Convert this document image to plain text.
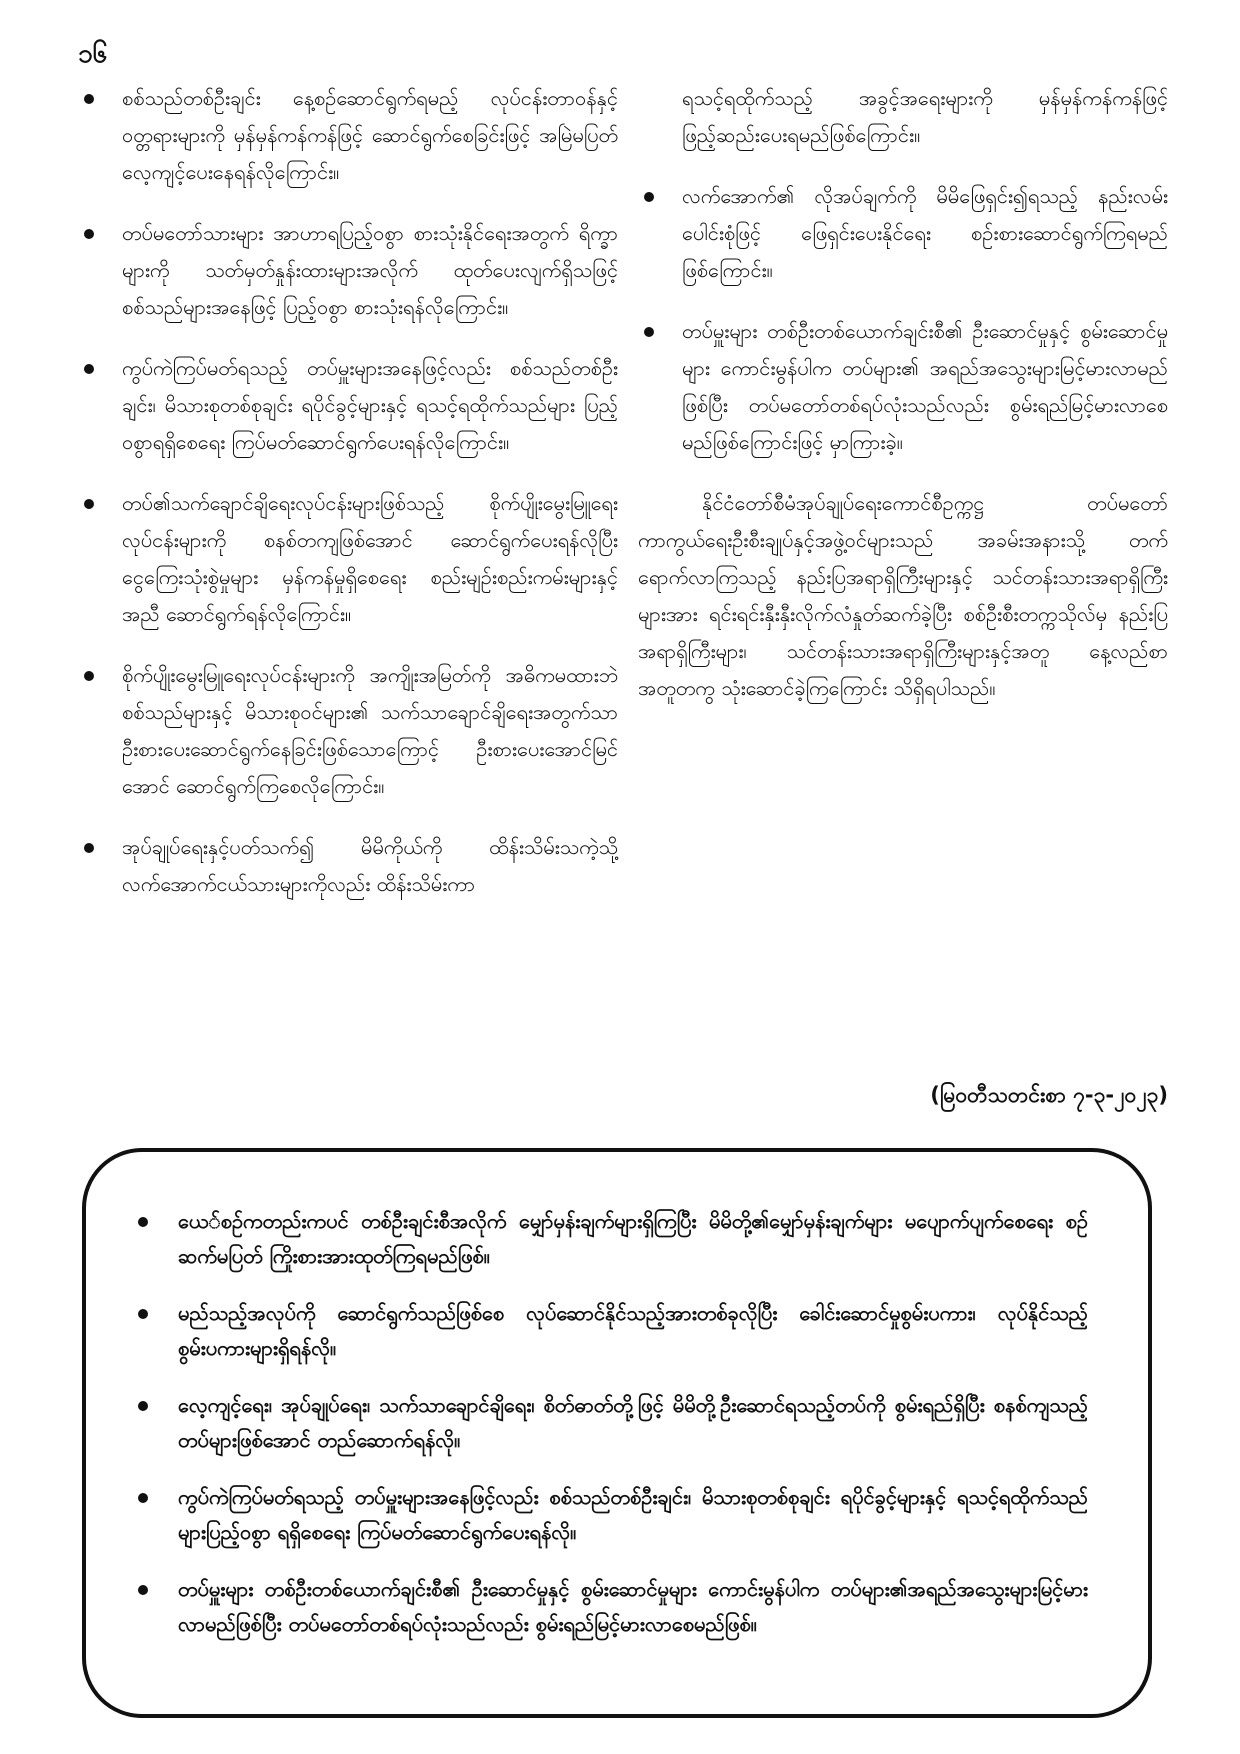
၁၆
စစ်သည်တစ်ဦးချင်း နေ့စဉ်ဆောင်ရွက်ရမည့် လုပ်ငန်းတာဝန်နှင့် ဝတ္တရားများကို မှန်မှန်ကန်ကန်ဖြင့် ဆောင်ရွက်စေခြင်းဖြင့် အမြဲမပြတ်လေ့ကျင့်ပေးနေရန်လိုကြောင်း။
တပ်မတော်သားများ အာဟာရပြည့်ဝစွာ စားသုံးနိုင်ရေးအတွက် ရိက္ခာများကို သတ်မှတ်နှုန်းထားများအလိုက် ထုတ်ပေးလျက်ရှိသဖြင့် စစ်သည်များအနေဖြင့် ပြည့်ဝစွာ စားသုံးရန်လိုကြောင်း။
ကွပ်ကဲကြပ်မတ်ရသည့် တပ်မှူးများအနေဖြင့်လည်း စစ်သည်တစ်ဦးချင်း၊ မိသားစုတစ်စုချင်း ရပိုင်ခွင့်များနှင့် ရသင့်ရထိုက်သည်များ ပြည့်ဝစွာရရှိစေရေး ကြပ်မတ်ဆောင်ရွက်ပေးရန်လိုကြောင်း။
တပ်၏သက်ချောင်ချိရေးလုပ်ငန်းများဖြစ်သည့် စိုက်ပျိုးမွေးမြူရေးလုပ်ငန်းများကို စနစ်တကျဖြစ်အောင် ဆောင်ရွက်ပေးရန်လိုပြီး ငွေကြေးသုံးစွဲမှုများ မှန်ကန်မှုရှိစေရေး စည်းမျဉ်းစည်းကမ်းများနှင့်အညီ ဆောင်ရွက်ရန်လိုကြောင်း။
စိုက်ပျိုးမွေးမြူရေးလုပ်ငန်းများကို အကျိုးအမြတ်ကို အဓိကမထားဘဲ စစ်သည်များနှင့် မိသားစုဝင်များ၏ သက်သာချောင်ချိရေးအတွက်သာ ဦးစားပေးဆောင်ရွက်နေခြင်းဖြစ်သောကြောင့် ဦးစားပေးအောင်မြင်အောင် ဆောင်ရွက်ကြစေလိုကြောင်း။
အုပ်ချုပ်ရေးနှင့်ပတ်သက်၍ မိမိကိုယ်ကို ထိန်းသိမ်းသကဲ့သို့ လက်အောက်ငယ်သားများကိုလည်း ထိန်းသိမ်းကာ
ရသင့်ရထိုက်သည့် အခွင့်အရေးများကို မှန်မှန်ကန်ကန်ဖြင့် ဖြည့်ဆည်းပေးရမည်ဖြစ်ကြောင်း။
လက်အောက်၏ လိုအပ်ချက်ကို မိမိဖြေရှင်း၍ရသည့် နည်းလမ်းပေါင်းစုံဖြင့် ဖြေရှင်းပေးနိုင်ရေး စဉ်းစားဆောင်ရွက်ကြရမည်ဖြစ်ကြောင်း။
တပ်မှူးများ တစ်ဦးတစ်ယောက်ချင်းစီ၏ ဦးဆောင်မှုနှင့် စွမ်းဆောင်မှုများ ကောင်းမွန်ပါက တပ်များ၏ အရည်အသွေးများမြင့်မားလာမည်ဖြစ်ပြီး တပ်မတော်တစ်ရပ်လုံးသည်လည်း စွမ်းရည်မြင့်မားလာစေမည်ဖြစ်ကြောင်းဖြင့် မှာကြားခဲ့။

နိုင်ငံတော်စီမံအုပ်ချုပ်ရေးကောင်စီဥက္ကဋ္ဌ တပ်မတော်ကာကွယ်ရေးဦးစီးချုပ်နှင့်အဖွဲ့ဝင်များသည် အခမ်းအနားသို့ တက်ရောက်လာကြသည့် နည်းပြအရာရှိကြီးများနှင့် သင်တန်းသားအရာရှိကြီးများအား ရင်းရင်းနှီးနှီးလိုက်လံနှုတ်ဆက်ခဲ့ပြီး စစ်ဦးစီးတက္ကသိုလ်မှ နည်းပြအရာရှိကြီးများ၊ သင်တန်းသားအရာရှိကြီးများနှင့်အတူ နေ့လည်စာ အတူတကွ သုံးဆောင်ခဲ့ကြကြောင်း သိရှိရပါသည်။

(မြဝတီသတင်းစာ ၇-၃-၂၀၂၃)
ယေ်စဉ်ကတည်းကပင် တစ်ဦးချင်းစီအလိုက် မျှော်မှန်းချက်များရှိကြပြီး မိမိတို့၏မျှော်မှန်းချက်များ မပျောက်ပျက်စေရေး စဉ်ဆက်မပြတ် ကြိုးစားအားထုတ်ကြရမည်ဖြစ်။
မည်သည့်အလုပ်ကို ဆောင်ရွက်သည်ဖြစ်စေ လုပ်ဆောင်နိုင်သည့်အားတစ်ခုလိုပြီး ခေါင်းဆောင်မှုစွမ်းပကား၊ လုပ်နိုင်သည့်စွမ်းပကားများရှိရန်လို။
လေ့ကျင့်ရေး၊ အုပ်ချုပ်ရေး၊ သက်သာချောင်ချိရေး၊ စိတ်ဓာတ်တို့ဖြင့် မိမိတို့ဦးဆောင်ရသည့်တပ်ကို စွမ်းရည်ရှိပြီး စနစ်ကျသည့် တပ်များဖြစ်အောင် တည်ဆောက်ရန်လို။
ကွပ်ကဲကြပ်မတ်ရသည့် တပ်မှူးများအနေဖြင့်လည်း စစ်သည်တစ်ဦးချင်း၊ မိသားစုတစ်စုချင်း ရပိုင်ခွင့်များနှင့် ရသင့်ရထိုက်သည်များပြည့်ဝစွာ ရရှိစေရေး ကြပ်မတ်ဆောင်ရွက်ပေးရန်လို။
တပ်မှူးများ တစ်ဦးတစ်ယောက်ချင်းစီ၏ ဦးဆောင်မှုနှင့် စွမ်းဆောင်မှုများ ကောင်းမွန်ပါက တပ်များ၏အရည်အသွေးများမြင့်မားလာမည်ဖြစ်ပြီး တပ်မတော်တစ်ရပ်လုံးသည်လည်း စွမ်းရည်မြင့်မားလာစေမည်ဖြစ်။
